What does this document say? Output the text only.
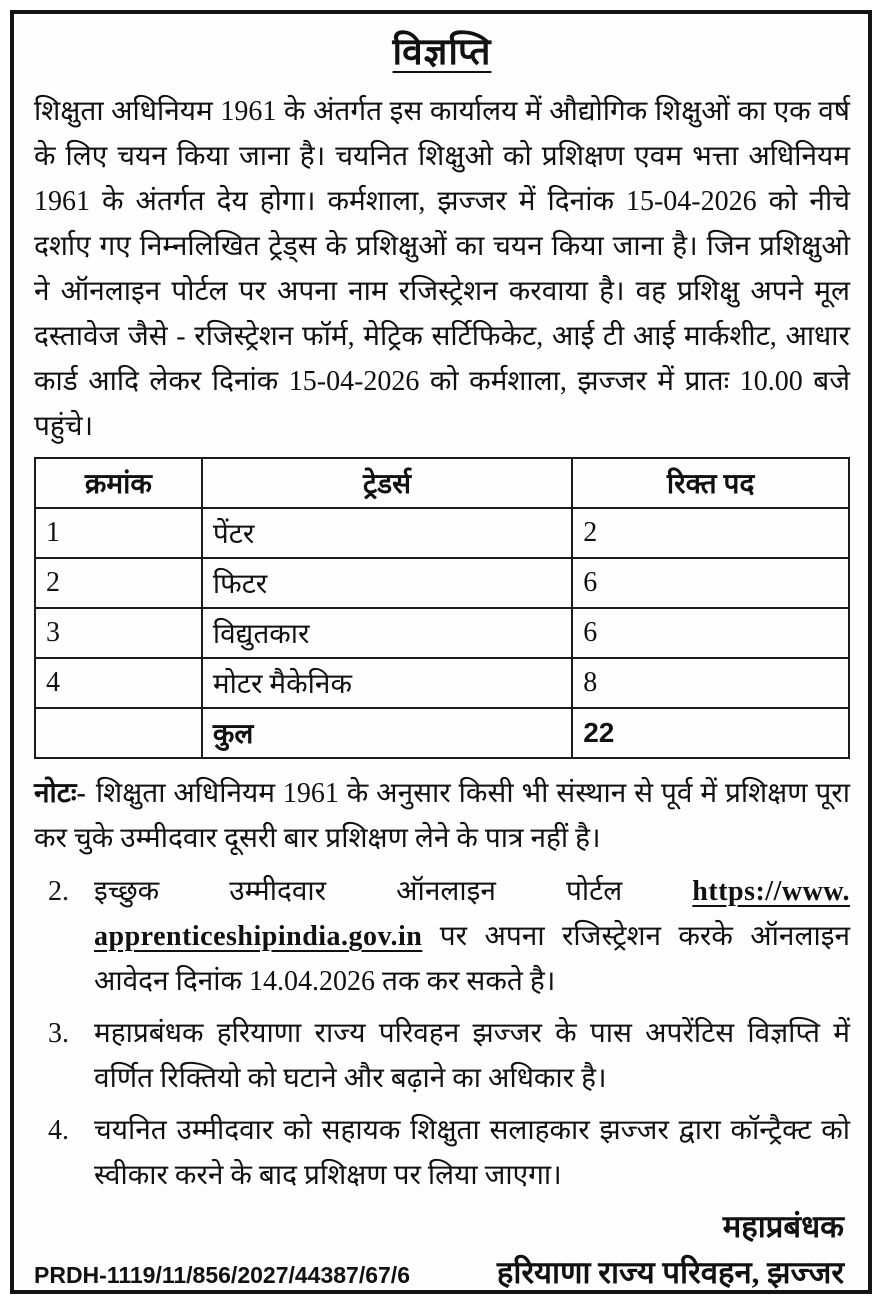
विज्ञप्ति
शिक्षुता अधिनियम 1961 के अंतर्गत इस कार्यालय में औद्योगिक शिक्षुओं का एक वर्ष के लिए चयन किया जाना है। चयनित शिक्षुओ को प्रशिक्षण एवम भत्ता अधिनियम 1961 के अंतर्गत देय होगा। कर्मशाला, झज्जर में दिनांक 15-04-2026 को नीचे दर्शाए गए निम्नलिखित ट्रेड्स के प्रशिक्षुओं का चयन किया जाना है। जिन प्रशिक्षुओ ने ऑनलाइन पोर्टल पर अपना नाम रजिस्ट्रेशन करवाया है। वह प्रशिक्षु अपने मूल दस्तावेज जैसे - रजिस्ट्रेशन फॉर्म, मेट्रिक सर्टिफिकेट, आई टी आई मार्कशीट, आधार कार्ड आदि लेकर दिनांक 15-04-2026 को कर्मशाला, झज्जर में प्रातः 10.00 बजे पहुंचे।
क्रमांक	ट्रेडर्स	रिक्त पद
1	पेंटर	2
2	फिटर	6
3	विद्युतकार	6
4	मोटर मैकेनिक	8
	कुल	22
नोटः- शिक्षुता अधिनियम 1961 के अनुसार किसी भी संस्थान से पूर्व में प्रशिक्षण पूरा कर चुके उम्मीदवार दूसरी बार प्रशिक्षण लेने के पात्र नहीं है।
2. इच्छुक उम्मीदवार ऑनलाइन पोर्टल https://www.apprenticeshipindia.gov.in पर अपना रजिस्ट्रेशन करके ऑनलाइन आवेदन दिनांक 14.04.2026 तक कर सकते है।
3. महाप्रबंधक हरियाणा राज्य परिवहन झज्जर के पास अपरेंटिस विज्ञप्ति में वर्णित रिक्तियो को घटाने और बढ़ाने का अधिकार है।
4. चयनित उम्मीदवार को सहायक शिक्षुता सलाहकार झज्जर द्वारा कॉन्ट्रैक्ट को स्वीकार करने के बाद प्रशिक्षण पर लिया जाएगा।
महाप्रबंधक
PRDH-1119/11/856/2027/44387/67/6	हरियाणा राज्य परिवहन, झज्जर
